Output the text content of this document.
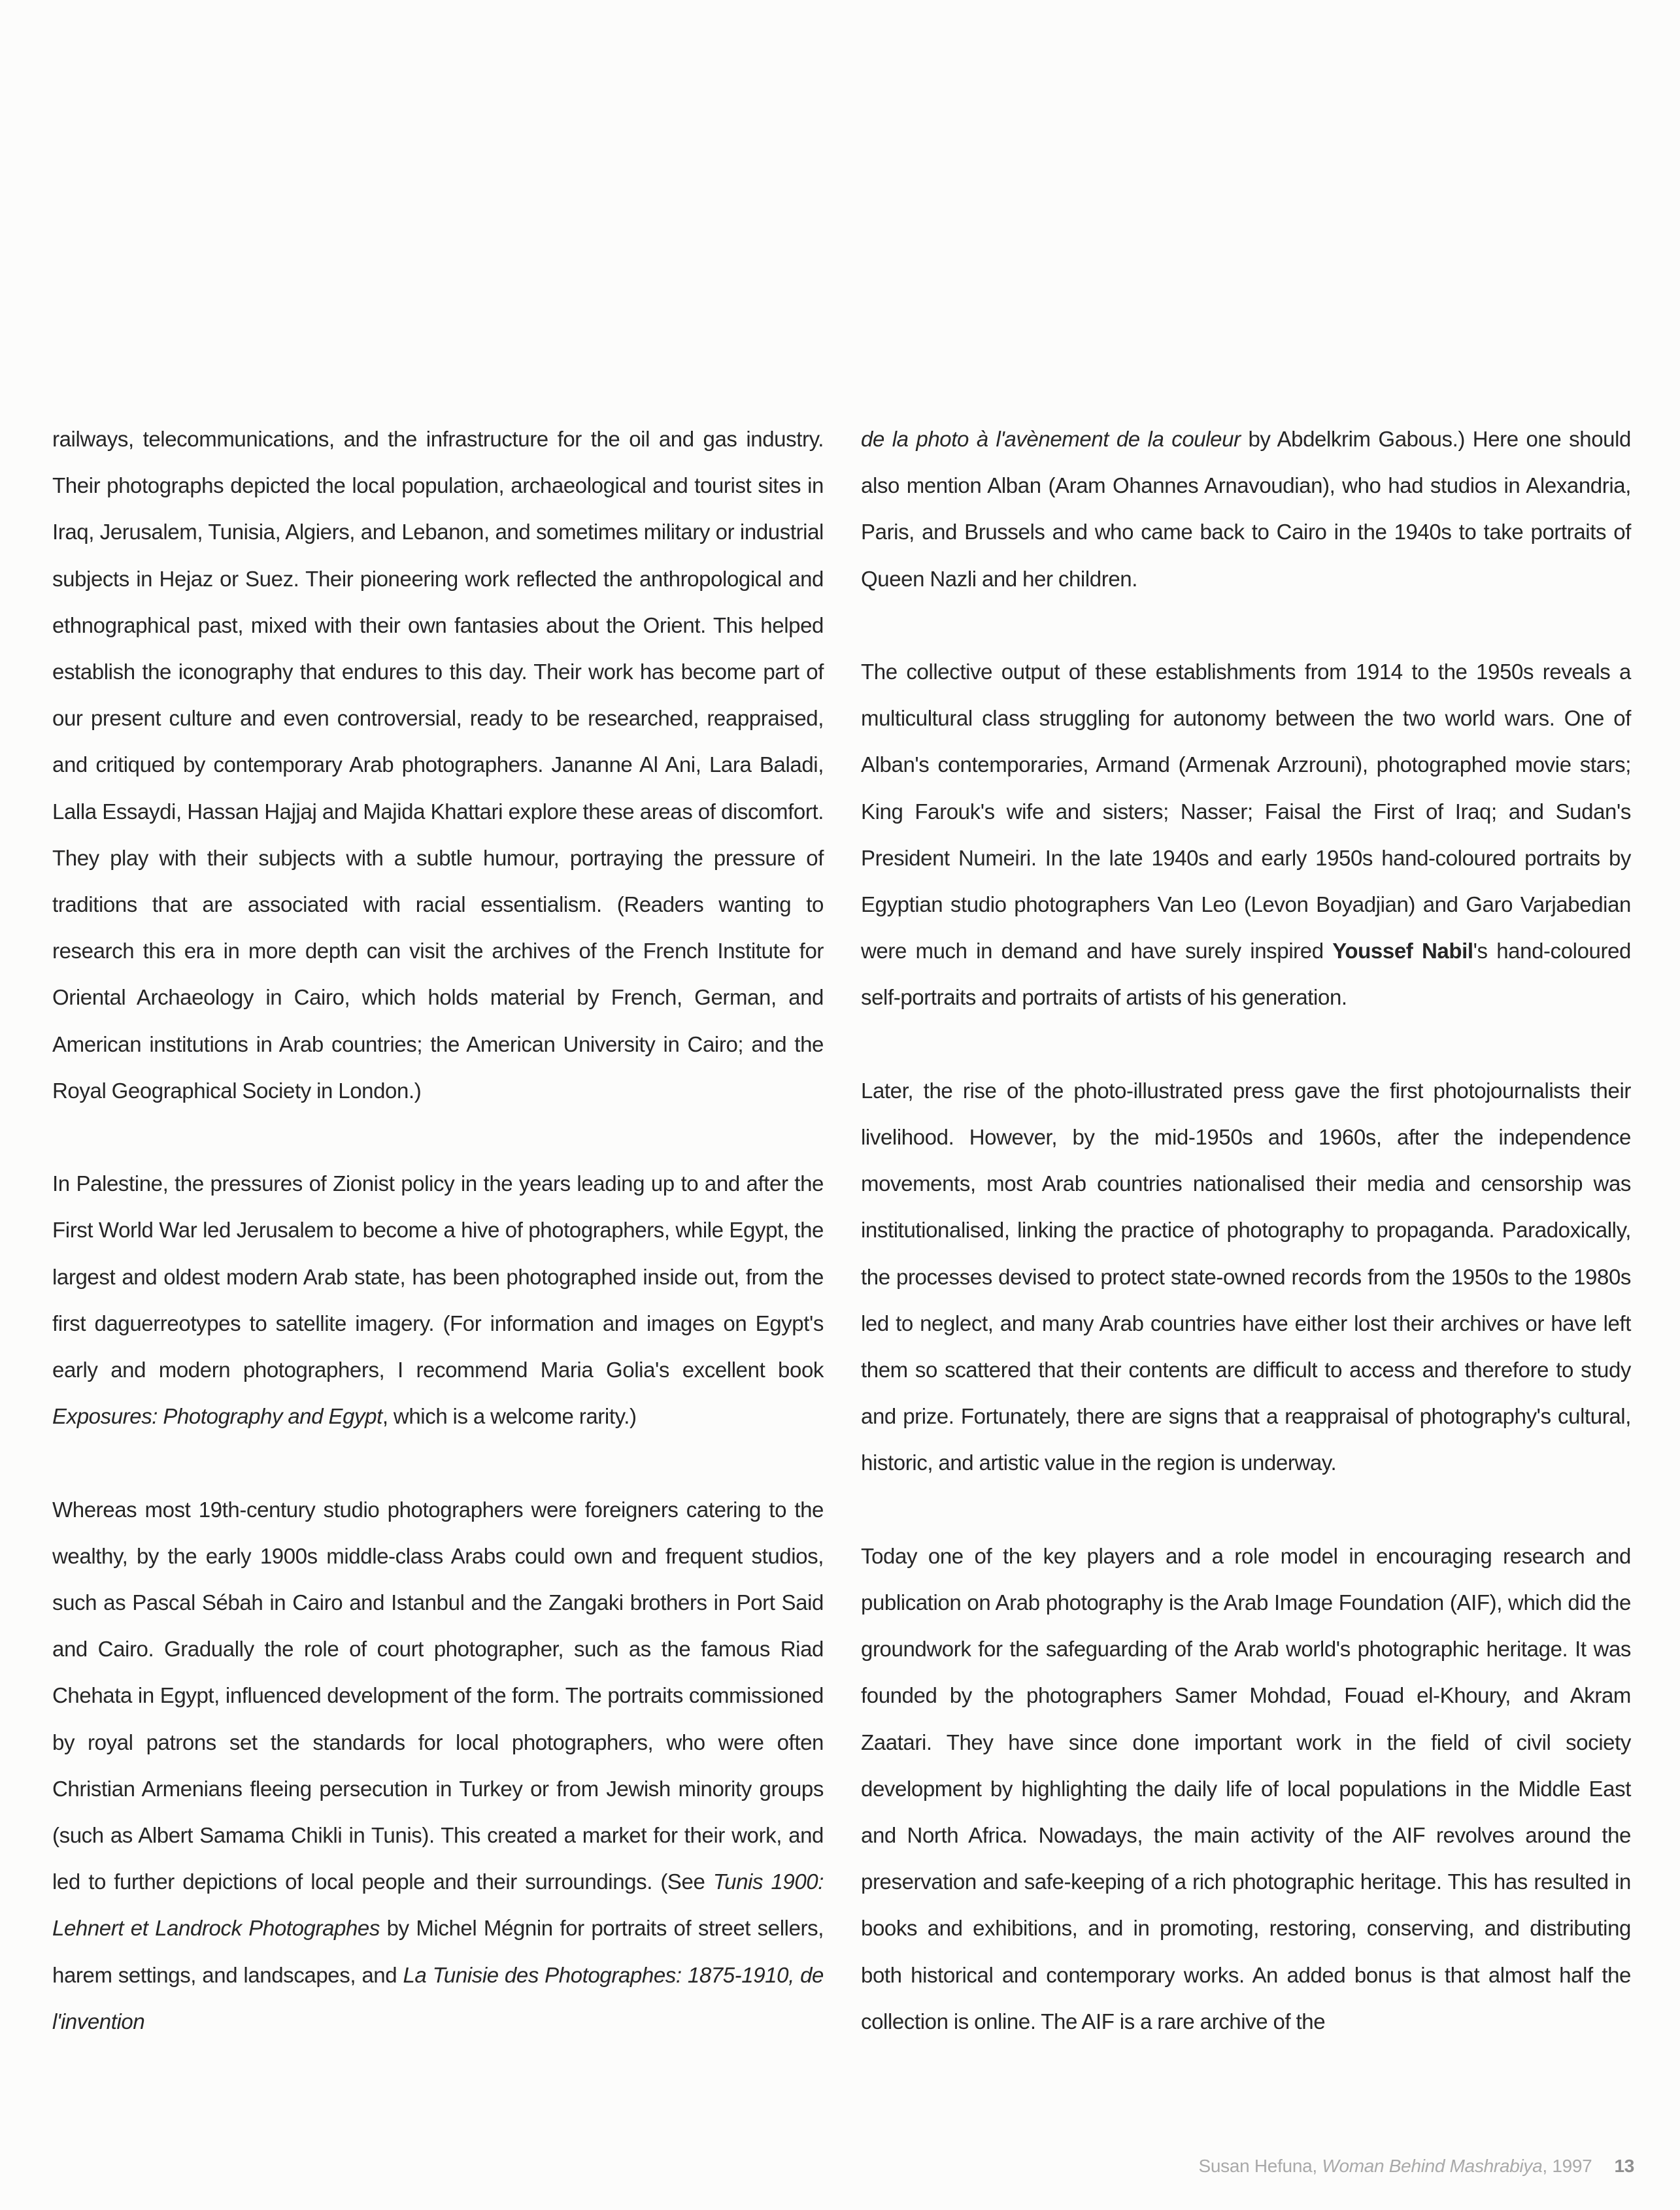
railways, telecommunications, and the infrastructure for the oil and gas industry. Their photographs depicted the local population, archaeological and tourist sites in Iraq, Jerusalem, Tunisia, Algiers, and Lebanon, and sometimes military or industrial subjects in Hejaz or Suez. Their pioneering work reflected the anthropological and ethnographical past, mixed with their own fantasies about the Orient. This helped establish the iconography that endures to this day. Their work has become part of our present culture and even controversial, ready to be researched, reappraised, and critiqued by contemporary Arab photographers. Jananne Al Ani, Lara Baladi, Lalla Essaydi, Hassan Hajjaj and Majida Khattari explore these areas of discomfort. They play with their subjects with a subtle humour, portraying the pressure of traditions that are associated with racial essentialism. (Readers wanting to research this era in more depth can visit the archives of the French Institute for Oriental Archaeology in Cairo, which holds material by French, German, and American institutions in Arab countries; the American University in Cairo; and the Royal Geographical Society in London.)

In Palestine, the pressures of Zionist policy in the years leading up to and after the First World War led Jerusalem to become a hive of photographers, while Egypt, the largest and oldest modern Arab state, has been photographed inside out, from the first daguerreotypes to satellite imagery. (For information and images on Egypt's early and modern photographers, I recommend Maria Golia's excellent book Exposures: Photography and Egypt, which is a welcome rarity.)

Whereas most 19th-century studio photographers were foreigners catering to the wealthy, by the early 1900s middle-class Arabs could own and frequent studios, such as Pascal Sébah in Cairo and Istanbul and the Zangaki brothers in Port Said and Cairo. Gradually the role of court photographer, such as the famous Riad Chehata in Egypt, influenced development of the form. The portraits commissioned by royal patrons set the standards for local photographers, who were often Christian Armenians fleeing persecution in Turkey or from Jewish minority groups (such as Albert Samama Chikli in Tunis). This created a market for their work, and led to further depictions of local people and their surroundings. (See Tunis 1900: Lehnert et Landrock Photographes by Michel Mégnin for portraits of street sellers, harem settings, and landscapes, and La Tunisie des Photographes: 1875-1910, de l'invention

de la photo à l'avènement de la couleur by Abdelkrim Gabous.) Here one should also mention Alban (Aram Ohannes Arnavoudian), who had studios in Alexandria, Paris, and Brussels and who came back to Cairo in the 1940s to take portraits of Queen Nazli and her children.

The collective output of these establishments from 1914 to the 1950s reveals a multicultural class struggling for autonomy between the two world wars. One of Alban's contemporaries, Armand (Armenak Arzrouni), photographed movie stars; King Farouk's wife and sisters; Nasser; Faisal the First of Iraq; and Sudan's President Numeiri. In the late 1940s and early 1950s hand-coloured portraits by Egyptian studio photographers Van Leo (Levon Boyadjian) and Garo Varjabedian were much in demand and have surely inspired Youssef Nabil's hand-coloured self-portraits and portraits of artists of his generation.

Later, the rise of the photo-illustrated press gave the first photojournalists their livelihood. However, by the mid-1950s and 1960s, after the independence movements, most Arab countries nationalised their media and censorship was institutionalised, linking the practice of photography to propaganda. Paradoxically, the processes devised to protect state-owned records from the 1950s to the 1980s led to neglect, and many Arab countries have either lost their archives or have left them so scattered that their contents are difficult to access and therefore to study and prize. Fortunately, there are signs that a reappraisal of photography's cultural, historic, and artistic value in the region is underway.

Today one of the key players and a role model in encouraging research and publication on Arab photography is the Arab Image Foundation (AIF), which did the groundwork for the safeguarding of the Arab world's photographic heritage. It was founded by the photographers Samer Mohdad, Fouad el-Khoury, and Akram Zaatari. They have since done important work in the field of civil society development by highlighting the daily life of local populations in the Middle East and North Africa. Nowadays, the main activity of the AIF revolves around the preservation and safe-keeping of a rich photographic heritage. This has resulted in books and exhibitions, and in promoting, restoring, conserving, and distributing both historical and contemporary works. An added bonus is that almost half the collection is online. The AIF is a rare archive of the

Susan Hefuna, Woman Behind Mashrabiya, 1997 13
